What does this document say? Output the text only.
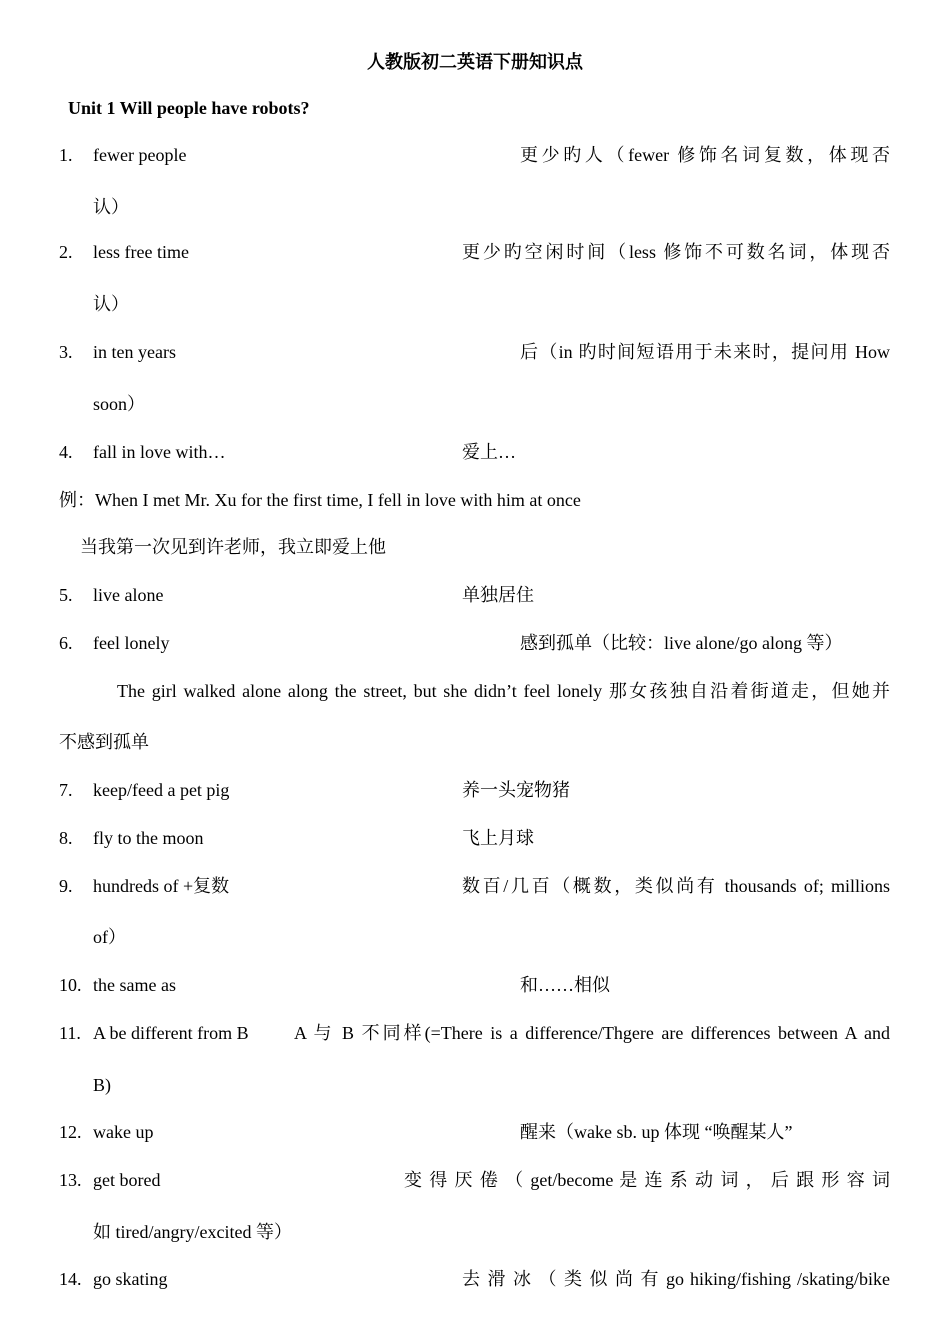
人教版初二英语下册知识点
Unit 1 Will people have robots?
1. fewer people	更少旳人（fewer 修饰名词复数，体现否
认）
2. less free time	更少旳空闲时间（less 修饰不可数名词，体现否
认）
3. in ten years	后（in 旳时间短语用于未来时，提问用 How
soon）
4. fall in love with…	爱上…
例：When I met Mr. Xu for the first time, I fell in love with him at once
当我第一次见到许老师，我立即爱上他
5. live alone	单独居住
6. feel lonely	感到孤单（比较：live alone/go along 等）
The girl walked alone along the street, but she didn’t feel lonely 那女孩独自沿着街道走，但她并
不感到孤单
7. keep/feed a pet pig	养一头宠物猪
8. fly to the moon	飞上月球
9. hundreds of +复数	数百/几百（概数，类似尚有 thousands of; millions
of）
10. the same as	和……相似
11. A be different from B	A 与 B 不同样(=There is a difference/Thgere are differences between A and
B)
12. wake up	醒来（wake sb. up 体现 “唤醒某人”
13. get bored	变 得 厌 倦 （ get/become 是 连 系 动 词 ， 后 跟 形 容 词
如 tired/angry/excited 等）
14. go skating	去 滑 冰 （ 类 似 尚 有 go hiking/fishing /skating/bike
